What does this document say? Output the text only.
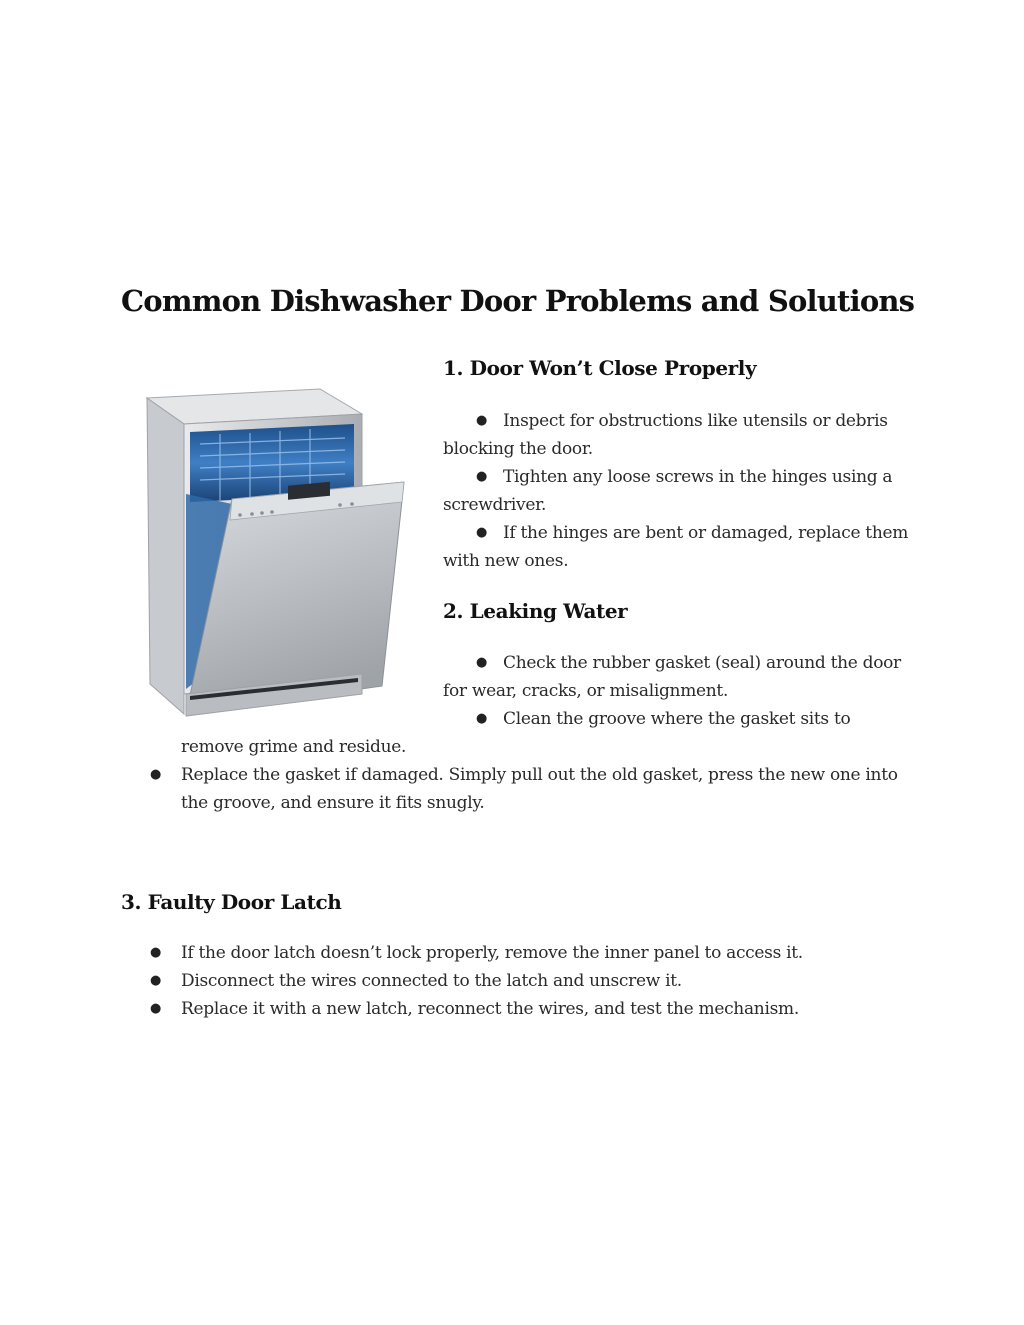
Common Dishwasher Door Problems and Solutions
1. Door Won’t Close Properly
● Inspect for obstructions like utensils or debris
blocking the door.
● Tighten any loose screws in the hinges using a
screwdriver.
● If the hinges are bent or damaged, replace them
with new ones.
2. Leaking Water
● Check the rubber gasket (seal) around the door
for wear, cracks, or misalignment.
● Clean the groove where the gasket sits to
remove grime and residue.
● Replace the gasket if damaged. Simply pull out the old gasket, press the new one into
the groove, and ensure it fits snugly.
3. Faulty Door Latch
● If the door latch doesn’t lock properly, remove the inner panel to access it.
● Disconnect the wires connected to the latch and unscrew it.
● Replace it with a new latch, reconnect the wires, and test the mechanism.
